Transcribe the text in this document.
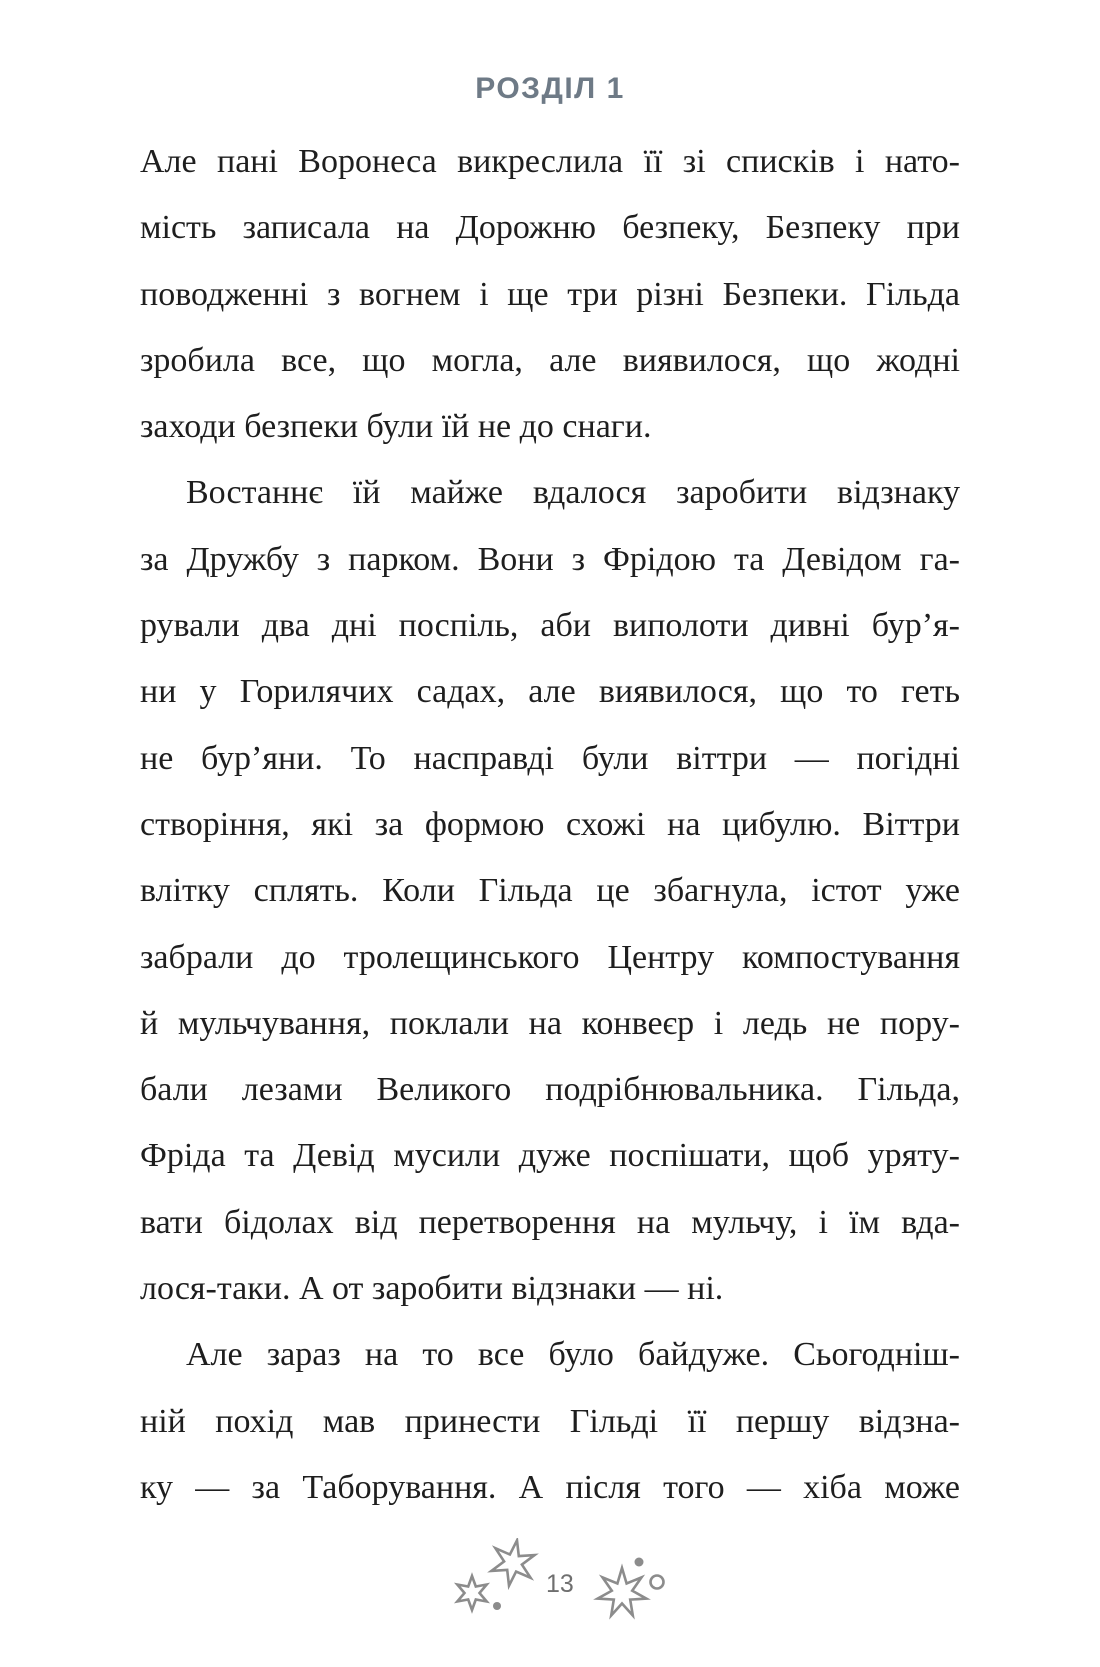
РОЗДІЛ 1
Але пані Воронеса викреслила її зі списків і нато-
мість записала на Дорожню безпеку, Безпеку при
поводженні з вогнем і ще три різні Безпеки. Гільда
зробила все, що могла, але виявилося, що жодні
заходи безпеки були їй не до снаги.
Востаннє їй майже вдалося заробити відзнаку
за Дружбу з парком. Вони з Фрідою та Девідом га-
рували два дні поспіль, аби виполоти дивні бур’я-
ни у Горилячих садах, але виявилося, що то геть
не бур’яни. То насправді були віттри — погідні
створіння, які за формою схожі на цибулю. Віттри
влітку сплять. Коли Гільда це збагнула, істот уже
забрали до тролещинського Центру компостування
й мульчування, поклали на конвеєр і ледь не пору-
бали лезами Великого подрібнювальника. Гільда,
Фріда та Девід мусили дуже поспішати, щоб уряту-
вати бідолах від перетворення на мульчу, і їм вда-
лося-таки. А от заробити відзнаки — ні.
Але зараз на то все було байдуже. Сьогодніш-
ній похід мав принести Гільді її першу відзна-
ку — за Таборування. А після того — хіба може
13
